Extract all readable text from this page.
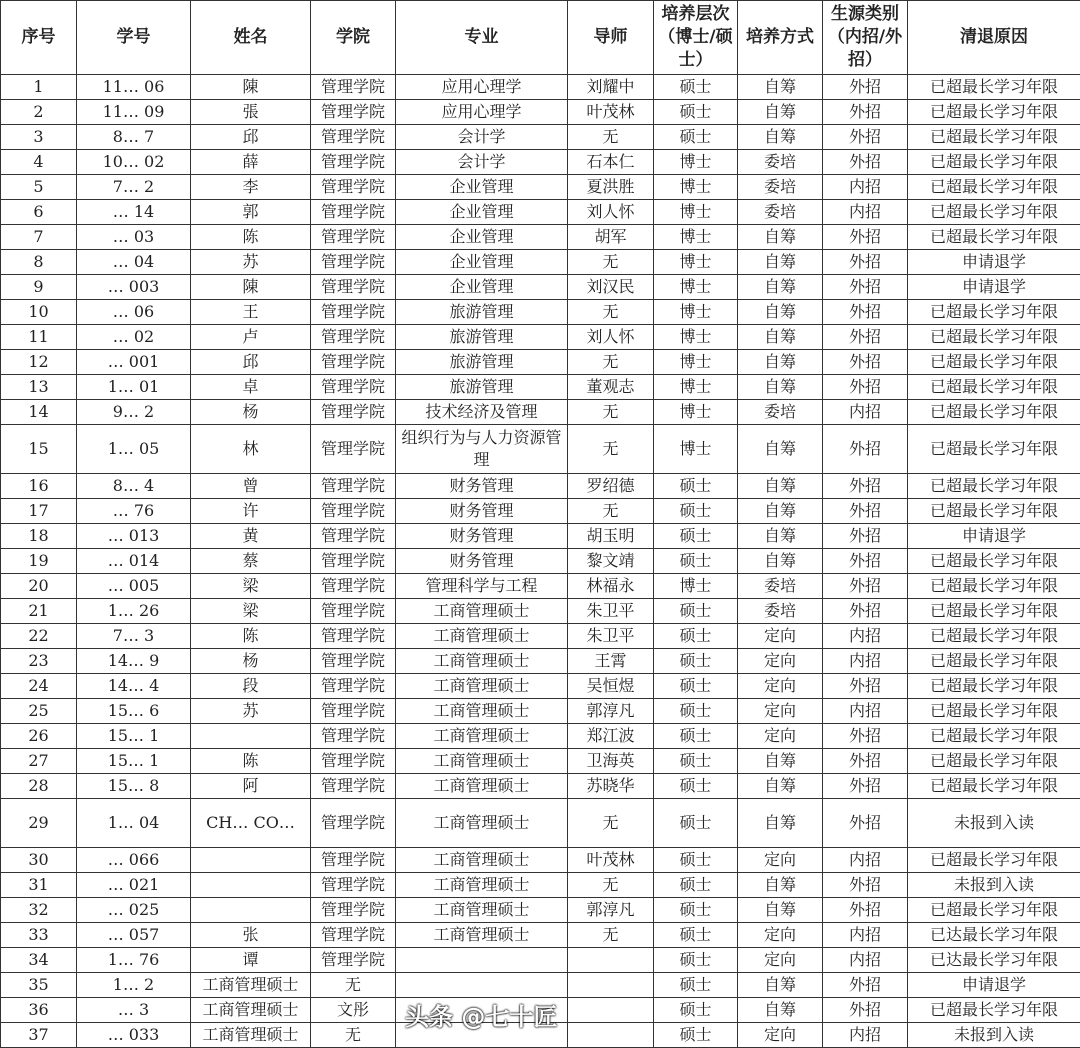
序号	学号	姓名	学院	专业	导师	培养层次（博士/硕士）	培养方式	生源类别（内招/外招）	清退原因
1	11… 06	陳	管理学院	应用心理学	刘耀中	硕士	自筹	外招	已超最长学习年限
2	11… 09	張	管理学院	应用心理学	叶茂林	硕士	自筹	外招	已超最长学习年限
3	8… 7	邱	管理学院	会计学	无	硕士	自筹	外招	已超最长学习年限
4	10… 02	薛	管理学院	会计学	石本仁	博士	委培	外招	已超最长学习年限
5	7… 2	李	管理学院	企业管理	夏洪胜	博士	委培	内招	已超最长学习年限
6	… 14	郭	管理学院	企业管理	刘人怀	博士	委培	内招	已超最长学习年限
7	… 03	陈	管理学院	企业管理	胡军	博士	自筹	外招	已超最长学习年限
8	… 04	苏	管理学院	企业管理	无	博士	自筹	外招	申请退学
9	… 003	陳	管理学院	企业管理	刘汉民	博士	自筹	外招	申请退学
10	… 06	王	管理学院	旅游管理	无	博士	自筹	外招	已超最长学习年限
11	… 02	卢	管理学院	旅游管理	刘人怀	博士	自筹	外招	已超最长学习年限
12	… 001	邱	管理学院	旅游管理	无	博士	自筹	外招	已超最长学习年限
13	1… 01	卓	管理学院	旅游管理	董观志	博士	自筹	外招	已超最长学习年限
14	9… 2	杨	管理学院	技术经济及管理	无	博士	委培	内招	已超最长学习年限
15	1… 05	林	管理学院	组织行为与人力资源管理	无	博士	自筹	外招	已超最长学习年限
16	8… 4	曾	管理学院	财务管理	罗绍德	硕士	自筹	外招	已超最长学习年限
17	… 76	许	管理学院	财务管理	无	硕士	自筹	外招	已超最长学习年限
18	… 013	黄	管理学院	财务管理	胡玉明	硕士	自筹	外招	申请退学
19	… 014	蔡	管理学院	财务管理	黎文靖	硕士	自筹	外招	已超最长学习年限
20	… 005	梁	管理学院	管理科学与工程	林福永	博士	委培	外招	已超最长学习年限
21	1… 26	梁	管理学院	工商管理硕士	朱卫平	硕士	委培	外招	已超最长学习年限
22	7… 3	陈	管理学院	工商管理硕士	朱卫平	硕士	定向	内招	已超最长学习年限
23	14… 9	杨	管理学院	工商管理硕士	王霄	硕士	定向	内招	已超最长学习年限
24	14… 4	段	管理学院	工商管理硕士	吴恒煜	硕士	定向	外招	已超最长学习年限
25	15… 6	苏	管理学院	工商管理硕士	郭淳凡	硕士	定向	内招	已超最长学习年限
26	15… 1		管理学院	工商管理硕士	郑江波	硕士	定向	外招	已超最长学习年限
27	15… 1	陈	管理学院	工商管理硕士	卫海英	硕士	自筹	外招	已超最长学习年限
28	15… 8	阿	管理学院	工商管理硕士	苏晓华	硕士	自筹	外招	已超最长学习年限
29	1… 04	CH… CO…	管理学院	工商管理硕士	无	硕士	自筹	外招	未报到入读
30	… 066		管理学院	工商管理硕士	叶茂林	硕士	定向	内招	已超最长学习年限
31	… 021		管理学院	工商管理硕士	无	硕士	自筹	外招	未报到入读
32	… 025		管理学院	工商管理硕士	郭淳凡	硕士	自筹	外招	已超最长学习年限
33	… 057	张	管理学院	工商管理硕士	无	硕士	定向	内招	已达最长学习年限
34	1… 76	谭	管理学院			硕士	定向	内招	已达最长学习年限
35	1… 2	工商管理硕士	无			硕士	自筹	外招	申请退学
36	… 3	工商管理硕士	文彤			硕士	自筹	外招	已超最长学习年限
37	… 033	工商管理硕士	无			硕士	定向	内招	未报到入读
头条 @七十匠
